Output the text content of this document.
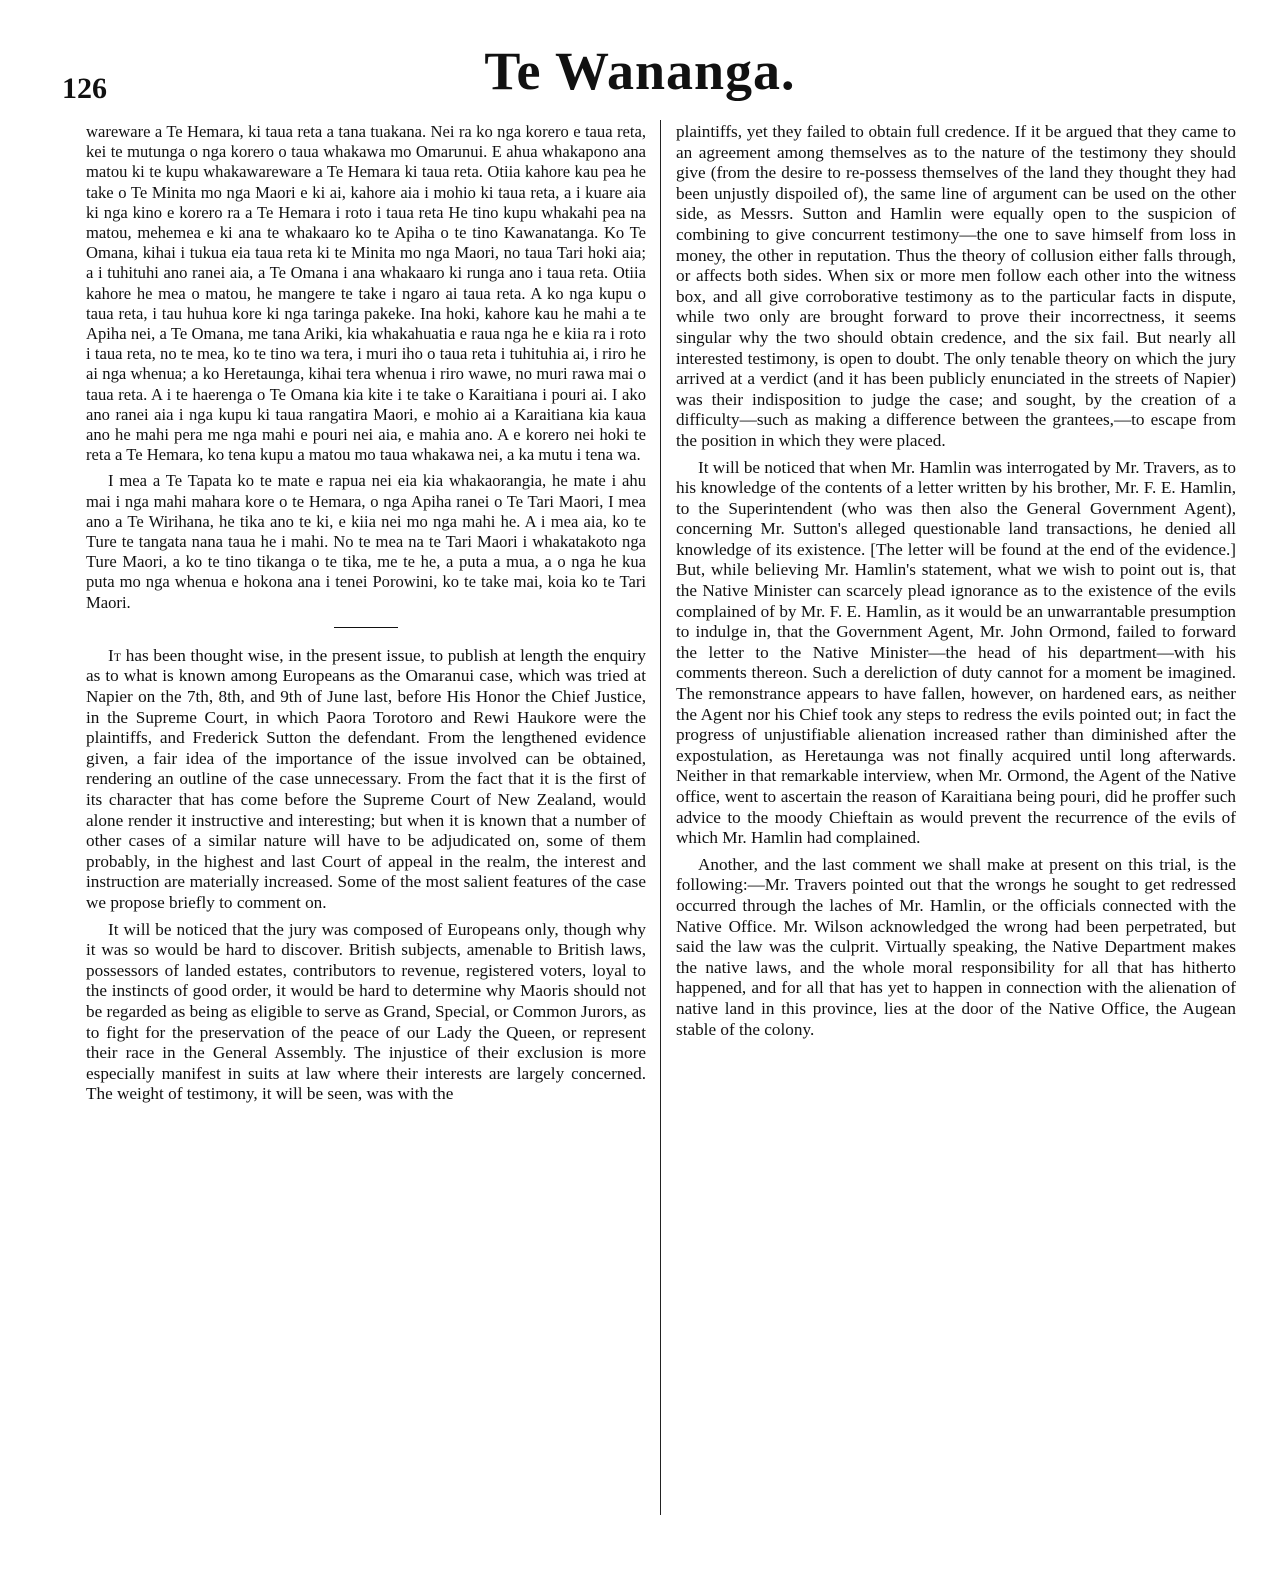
126	Te Wananga.

wareware a Te Hemara, ki taua reta a tana tuakana. Nei ra ko nga korero e taua reta, kei te mutunga o nga korero o taua whakawa mo Omarunui. E ahua whakapono ana matou ki te kupu whakawareware a Te Hemara ki taua reta. Otiia kahore kau pea he take o Te Minita mo nga Maori e ki ai, kahore aia i mohio ki taua reta, a i kuare aia ki nga kino e korero ra a Te Hemara i roto i taua reta He tino kupu whakahi pea na matou, mehemea e ki ana te whakaaro ko te Apiha o te tino Kawanatanga. Ko Te Omana, kihai i tukua eia taua reta ki te Minita mo nga Maori, no taua Tari hoki aia; a i tuhituhi ano ranei aia, a Te Omana i ana whakaaro ki runga ano i taua reta. Otiia kahore he mea o matou, he mangere te take i ngaro ai taua reta. A ko nga kupu o taua reta, i tau huhua kore ki nga taringa pakeke. Ina hoki, kahore kau he mahi a te Apiha nei, a Te Omana, me tana Ariki, kia whakahuatia e raua nga he e kiia ra i roto i taua reta, no te mea, ko te tino wa tera, i muri iho o taua reta i tuhituhia ai, i riro he ai nga whenua; a ko Heretaunga, kihai tera whenua i riro wawe, no muri rawa mai o taua reta. A i te haerenga o Te Omana kia kite i te take o Karaitiana i pouri ai. I ako ano ranei aia i nga kupu ki taua rangatira Maori, e mohio ai a Karaitiana kia kaua ano he mahi pera me nga mahi e pouri nei aia, e mahia ano. A e korero nei hoki te reta a Te Hemara, ko tena kupu a matou mo taua whakawa nei, a ka mutu i tena wa.

I mea a Te Tapata ko te mate e rapua nei eia kia whakaorangia, he mate i ahu mai i nga mahi mahara kore o te Hemara, o nga Apiha ranei o Te Tari Maori, I mea ano a Te Wirihana, he tika ano te ki, e kiia nei mo nga mahi he. A i mea aia, ko te Ture te tangata nana taua he i mahi. No te mea na te Tari Maori i whakatakoto nga Ture Maori, a ko te tino tikanga o te tika, me te he, a puta a mua, a o nga he kua puta mo nga whenua e hokona ana i tenei Porowini, ko te take mai, koia ko te Tari Maori.

It has been thought wise, in the present issue, to publish at length the enquiry as to what is known among Europeans as the Omaranui case, which was tried at Napier on the 7th, 8th, and 9th of June last, before His Honor the Chief Justice, in the Supreme Court, in which Paora Torotoro and Rewi Haukore were the plaintiffs, and Frederick Sutton the defendant. From the lengthened evidence given, a fair idea of the importance of the issue involved can be obtained, rendering an outline of the case unnecessary. From the fact that it is the first of its character that has come before the Supreme Court of New Zealand, would alone render it instructive and interesting; but when it is known that a number of other cases of a similar nature will have to be adjudicated on, some of them probably, in the highest and last Court of appeal in the realm, the interest and instruction are materially increased. Some of the most salient features of the case we propose briefly to comment on.

It will be noticed that the jury was composed of Europeans only, though why it was so would be hard to discover. British subjects, amenable to British laws, possessors of landed estates, contributors to revenue, registered voters, loyal to the instincts of good order, it would be hard to determine why Maoris should not be regarded as being as eligible to serve as Grand, Special, or Common Jurors, as to fight for the preservation of the peace of our Lady the Queen, or represent their race in the General Assembly. The injustice of their exclusion is more especially manifest in suits at law where their interests are largely concerned. The weight of testimony, it will be seen, was with the

plaintiffs, yet they failed to obtain full credence. If it be argued that they came to an agreement among themselves as to the nature of the testimony they should give (from the desire to re-possess themselves of the land they thought they had been unjustly dispoiled of), the same line of argument can be used on the other side, as Messrs. Sutton and Hamlin were equally open to the suspicion of combining to give concurrent testimony—the one to save himself from loss in money, the other in reputation. Thus the theory of collusion either falls through, or affects both sides. When six or more men follow each other into the witness box, and all give corroborative testimony as to the particular facts in dispute, while two only are brought forward to prove their incorrectness, it seems singular why the two should obtain credence, and the six fail. But nearly all interested testimony, is open to doubt. The only tenable theory on which the jury arrived at a verdict (and it has been publicly enunciated in the streets of Napier) was their indisposition to judge the case; and sought, by the creation of a difficulty—such as making a difference between the grantees,—to escape from the position in which they were placed.

It will be noticed that when Mr. Hamlin was interrogated by Mr. Travers, as to his knowledge of the contents of a letter written by his brother, Mr. F. E. Hamlin, to the Superintendent (who was then also the General Government Agent), concerning Mr. Sutton's alleged questionable land transactions, he denied all knowledge of its existence. [The letter will be found at the end of the evidence.] But, while believing Mr. Hamlin's statement, what we wish to point out is, that the Native Minister can scarcely plead ignorance as to the existence of the evils complained of by Mr. F. E. Hamlin, as it would be an unwarrantable presumption to indulge in, that the Government Agent, Mr. John Ormond, failed to forward the letter to the Native Minister—the head of his department—with his comments thereon. Such a dereliction of duty cannot for a moment be imagined. The remonstrance appears to have fallen, however, on hardened ears, as neither the Agent nor his Chief took any steps to redress the evils pointed out; in fact the progress of unjustifiable alienation increased rather than diminished after the expostulation, as Heretaunga was not finally acquired until long afterwards. Neither in that remarkable interview, when Mr. Ormond, the Agent of the Native office, went to ascertain the reason of Karaitiana being pouri, did he proffer such advice to the moody Chieftain as would prevent the recurrence of the evils of which Mr. Hamlin had complained.

Another, and the last comment we shall make at present on this trial, is the following:—Mr. Travers pointed out that the wrongs he sought to get redressed occurred through the laches of Mr. Hamlin, or the officials connected with the Native Office. Mr. Wilson acknowledged the wrong had been perpetrated, but said the law was the culprit. Virtually speaking, the Native Department makes the native laws, and the whole moral responsibility for all that has hitherto happened, and for all that has yet to happen in connection with the alienation of native land in this province, lies at the door of the Native Office, the Augean stable of the colony.
